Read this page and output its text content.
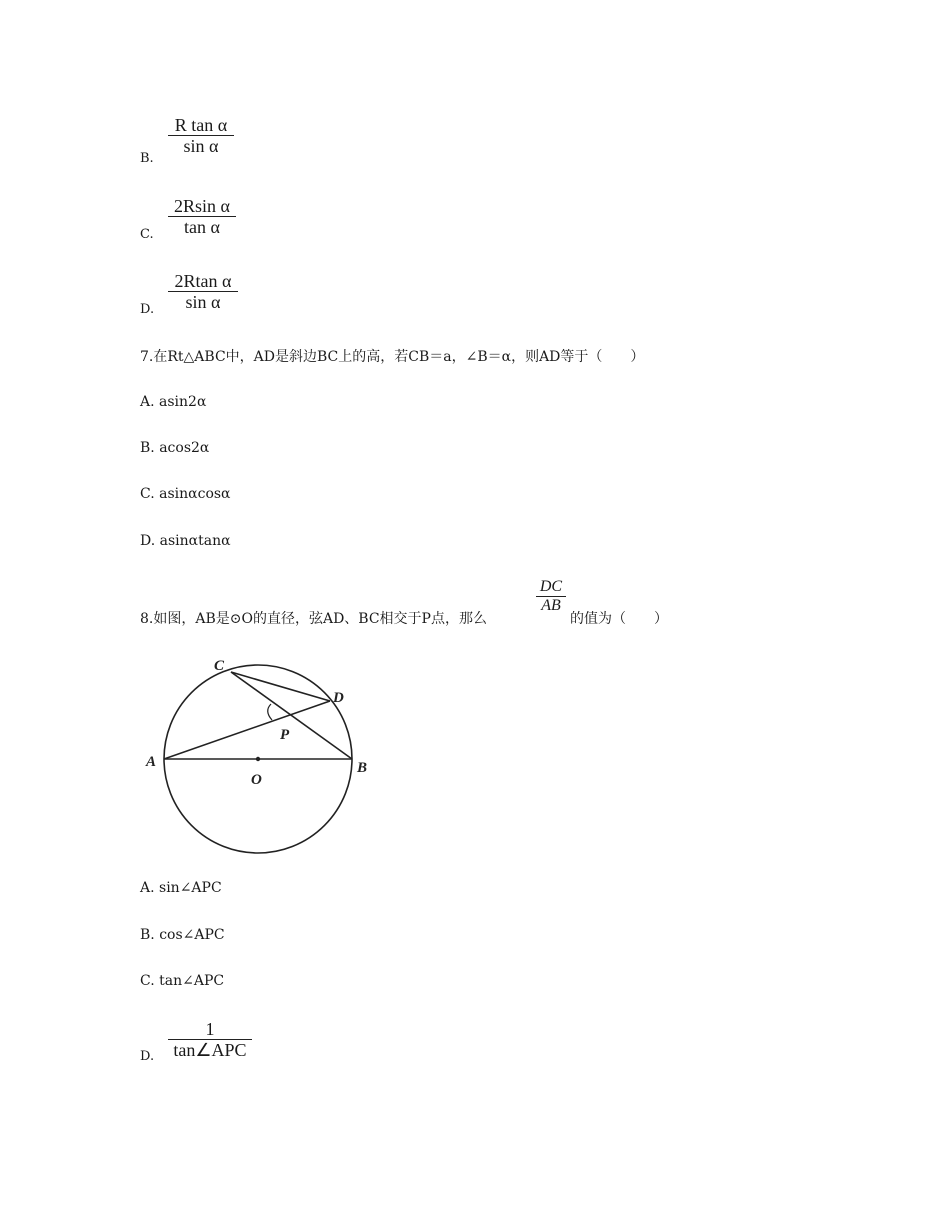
B.
R tan α
sin α
C.
2Rsin α
tan α
D.
2Rtan α
sin α
7.在Rt△ABC中，AD是斜边BC上的高，若CB＝a，∠B＝α，则AD等于（　　）
A. asin2α
B. acos2α
C. asinαcosα
D. asinαtanα
8.如图，AB是⊙O的直径，弦AD、BC相交于P点，那么
DC
AB
的值为（　　）
C
D
P
A
O
B
A. sin∠APC
B. cos∠APC
C. tan∠APC
D.
1
tan∠APC
